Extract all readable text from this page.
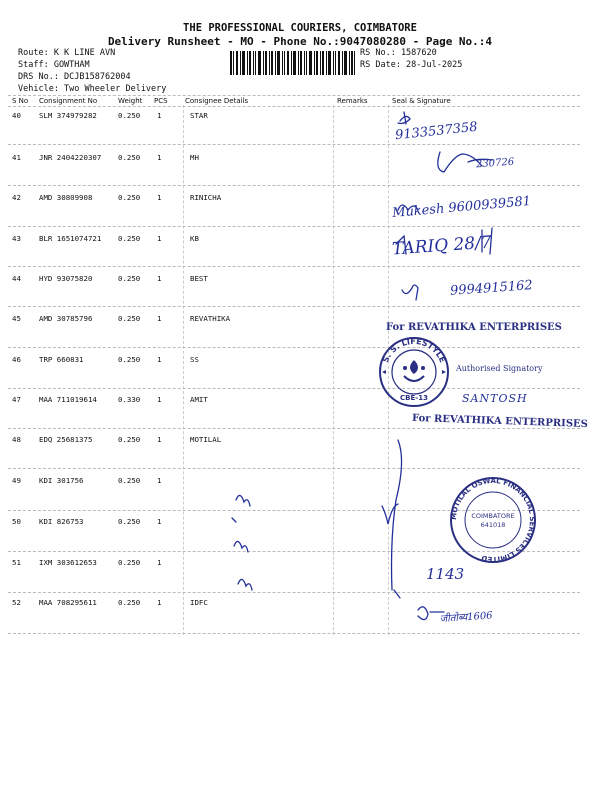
THE PROFESSIONAL COURIERS, COIMBATORE
Delivery Runsheet - MO - Phone No.:9047080280 - Page No.:4
Route: K K LINE AVN
Staff: GOWTHAM
DRS No.: DCJB158762004
Vehicle: Two Wheeler Delivery
RS No.: 1587620
RS Date: 28-Jul-2025
S No Consignment No	Weight PCS Consignee Details	Remarks	Seal & Signature
40 SLM 374979282	0.250 1	STAR
41 JNR 2404220307 0.250 1	MH
42 AMD 30809908	0.250 1	RINICHA
43 BLR 1651074721 0.250 1	KB
44 HYD 93075820	0.250 1	BEST
45 AMD 30785796	0.250 1	REVATHIKA
46 TRP 660831	0.250 1	SS
47 MAA 711019614	0.330 1	AMIT
48 EDQ 25681375	0.250 1	MOTILAL
49 KDI 301756	0.250 1
50 KDI 826753	0.250 1
51 IXM 303612653	0.250 1
52 MAA 708295611	0.250 1	IDFC
9133537358
230726
Mukesh 9600939581
TARIQ 28/7
9994915162
1143
जीतोब्य1606
For REVATHIKA ENTERPRISES
Authorised Signatory
SANTOSH
For REVATHIKA ENTERPRISES
S. S. LIFESTYLE
CBE-13
MOTILAL OSWAL FINANCIAL SERVICES LIMITED
COIMBATORE
641018
